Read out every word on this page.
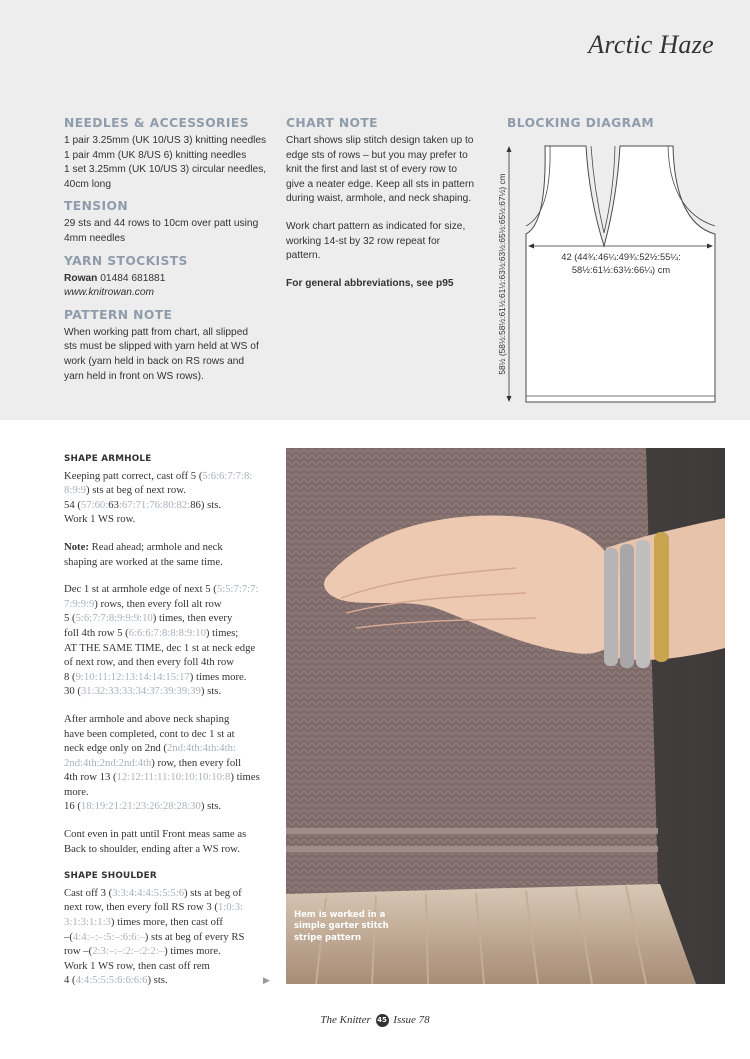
Arctic Haze
NEEDLES & ACCESSORIES
1 pair 3.25mm (UK 10/US 3) knitting needles
1 pair 4mm (UK 8/US 6) knitting needles
1 set 3.25mm (UK 10/US 3) circular needles,
40cm long
TENSION
29 sts and 44 rows to 10cm over patt using
4mm needles
YARN STOCKISTS
Rowan 01484 681881
www.knitrowan.com
PATTERN NOTE
When working patt from chart, all slipped
sts must be slipped with yarn held at WS of
work (yarn held in back on RS rows and
yarn held in front on WS rows).
CHART NOTE
Chart shows slip stitch design taken up to
edge sts of rows – but you may prefer to
knit the first and last st of every row to
give a neater edge. Keep all sts in pattern
during waist, armhole, and neck shaping.
Work chart pattern as indicated for size,
working 14-st by 32 row repeat for
pattern.
For general abbreviations, see p95
BLOCKING DIAGRAM
42 (44¾:46¼:49¾:52½:55¼:
58½:61½:63½:66¼) cm
58½ (58½:58½:61½:61½:63½:63½:65½:65½:67½) cm
SHAPE ARMHOLE

Keeping patt correct, cast off 5 (5:6:6:7:7:8:
8:9:9) sts at beg of next row.
54 (57:60:63:67:71:76:80:82:86) sts.
Work 1 WS row.

Note: Read ahead; armhole and neck
shaping are worked at the same time.

Dec 1 st at armhole edge of next 5 (5:5:7:7:7:
7:9:9:9) rows, then every foll alt row
5 (5:6:7:7:8:9:9:9:10) times, then every
foll 4th row 5 (6:6:6:7:8:8:8:9:10) times;
AT THE SAME TIME, dec 1 st at neck edge
of next row, and then every foll 4th row
8 (9:10:11:12:13:14:14:15:17) times more.
30 (31:32:33:33:34:37:39:39:39) sts.

After armhole and above neck shaping
have been completed, cont to dec 1 st at
neck edge only on 2nd (2nd:4th:4th:4th:
2nd:4th:2nd:2nd:4th) row, then every foll
4th row 13 (12:12:11:11:10:10:10:10:8) times
more.
16 (18:19:21:21:23:26:28:28:30) sts.

Cont even in patt until Front meas same as
Back to shoulder, ending after a WS row.

SHAPE SHOULDER

Cast off 3 (3:3:4:4:4:5:5:5:6) sts at beg of
next row, then every foll RS row 3 (1:0:3:
3:1:3:1:1:3) times more, then cast off
–(4:4:–:–:5:–:6:6:–) sts at beg of every RS
row –(2:3:–:–:2:–:2:2:–) times more.
Work 1 WS row, then cast off rem
4 (4:4:5:5:5:6:6:6:6) sts.	▶
Hem is worked in a
simple garter stitch
stripe pattern
The Knitter 45 Issue 78
